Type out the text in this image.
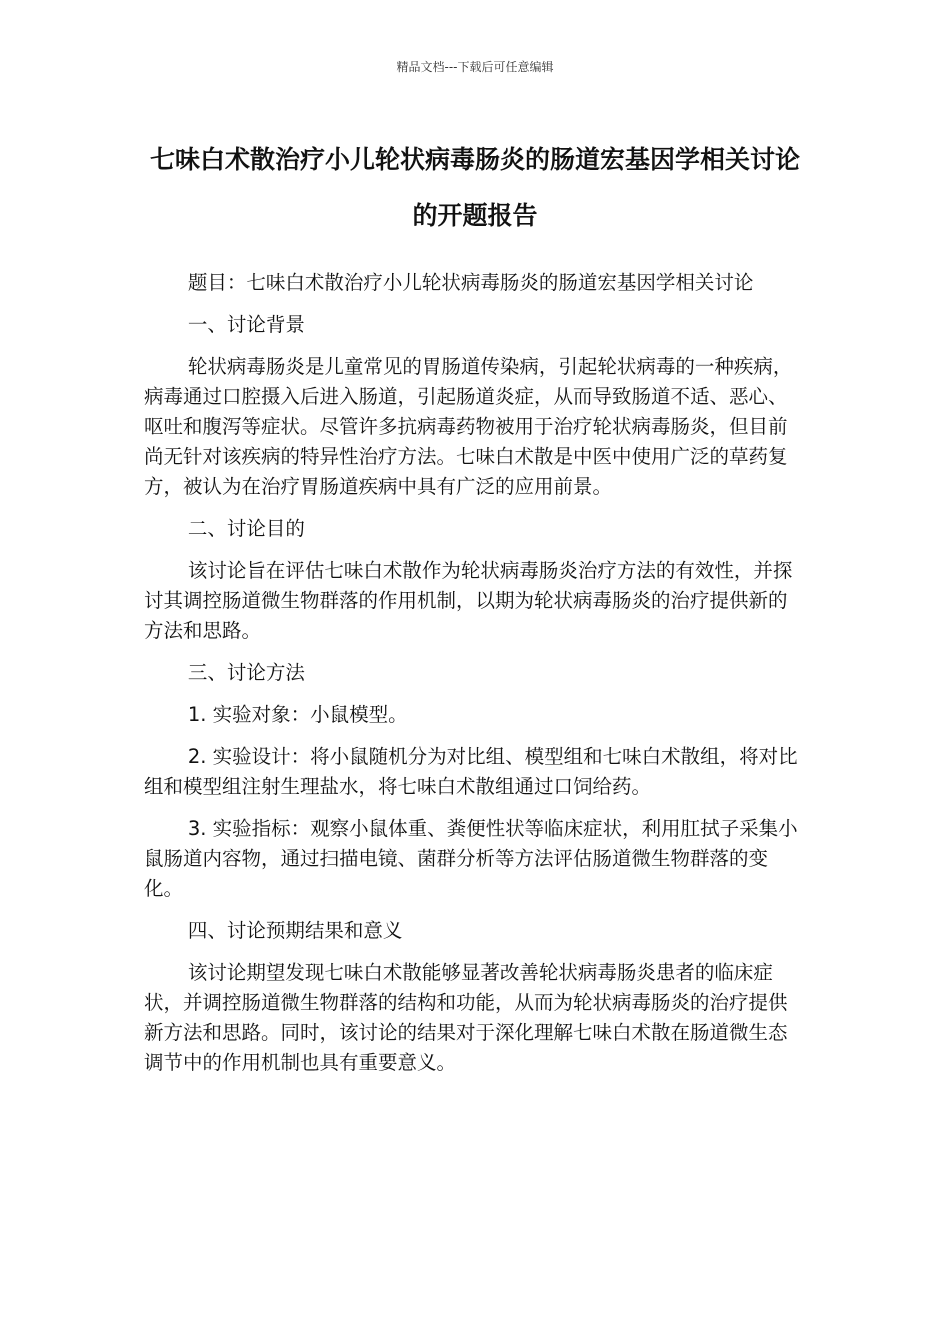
精品文档---下载后可任意编辑
七味白术散治疗小儿轮状病毒肠炎的肠道宏基因学相关讨论的开题报告

题目：七味白术散治疗小儿轮状病毒肠炎的肠道宏基因学相关讨论

一、讨论背景

轮状病毒肠炎是儿童常见的胃肠道传染病，引起轮状病毒的一种疾病，病毒通过口腔摄入后进入肠道，引起肠道炎症，从而导致肠道不适、恶心、呕吐和腹泻等症状。尽管许多抗病毒药物被用于治疗轮状病毒肠炎，但目前尚无针对该疾病的特异性治疗方法。七味白术散是中医中使用广泛的草药复方，被认为在治疗胃肠道疾病中具有广泛的应用前景。

二、讨论目的

该讨论旨在评估七味白术散作为轮状病毒肠炎治疗方法的有效性，并探讨其调控肠道微生物群落的作用机制，以期为轮状病毒肠炎的治疗提供新的方法和思路。

三、讨论方法

1. 实验对象：小鼠模型。

2. 实验设计：将小鼠随机分为对比组、模型组和七味白术散组，将对比组和模型组注射生理盐水，将七味白术散组通过口饲给药。

3. 实验指标：观察小鼠体重、粪便性状等临床症状，利用肛拭子采集小鼠肠道内容物，通过扫描电镜、菌群分析等方法评估肠道微生物群落的变化。

四、讨论预期结果和意义

该讨论期望发现七味白术散能够显著改善轮状病毒肠炎患者的临床症状，并调控肠道微生物群落的结构和功能，从而为轮状病毒肠炎的治疗提供新方法和思路。同时，该讨论的结果对于深化理解七味白术散在肠道微生态调节中的作用机制也具有重要意义。
